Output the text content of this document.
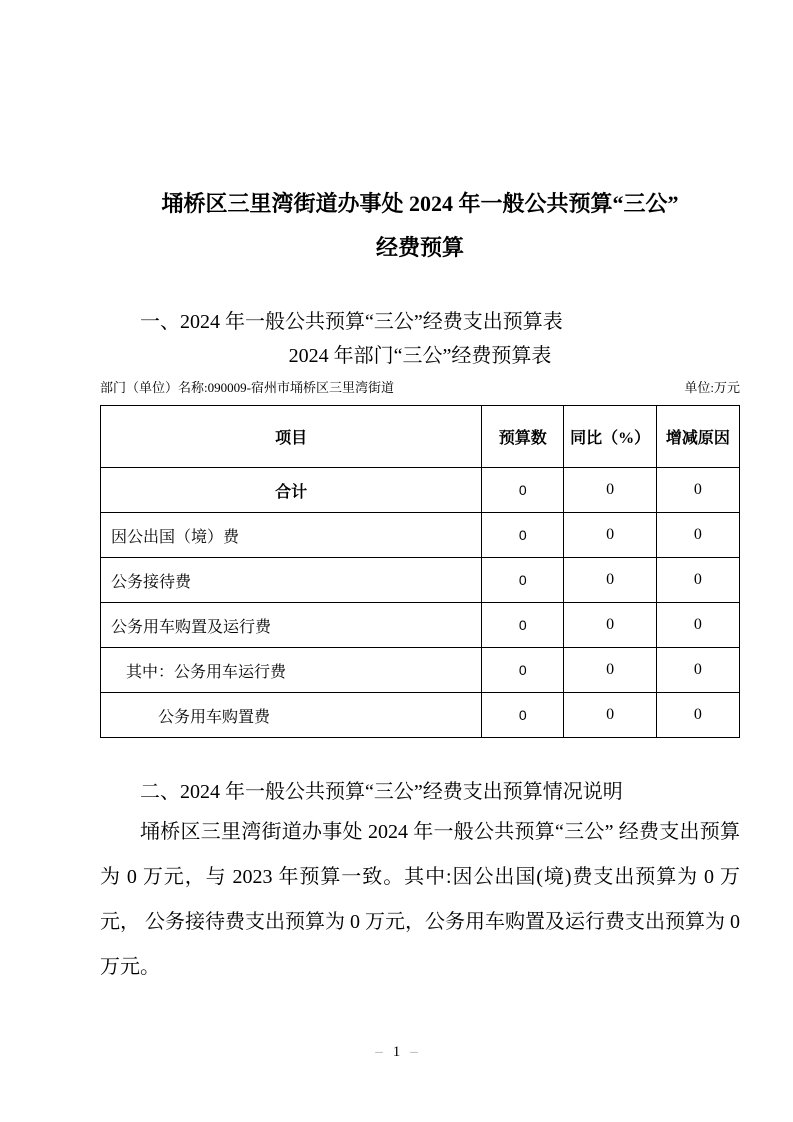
埇桥区三里湾街道办事处 2024 年一般公共预算“三公”
经费预算

一、2024 年一般公共预算“三公”经费支出预算表

2024 年部门“三公”经费预算表

部门（单位）名称:090009-宿州市埇桥区三里湾街道	单位:万元
项目	预算数	同比（%）	增减原因
合计	0	0	0
因公出国（境）费	0	0	0
公务接待费	0	0	0
公务用车购置及运行费	0	0	0
其中：公务用车运行费	0	0	0
公务用车购置费	0	0	0

二、2024 年一般公共预算“三公”经费支出预算情况说明

埇桥区三里湾街道办事处 2024 年一般公共预算“三公” 经费支出预算为 0 万元，与 2023 年预算一致。其中:因公出国(境)费支出预算为 0 万元， 公务接待费支出预算为 0 万元，公务用车购置及运行费支出预算为 0 万元。

– 1 –
